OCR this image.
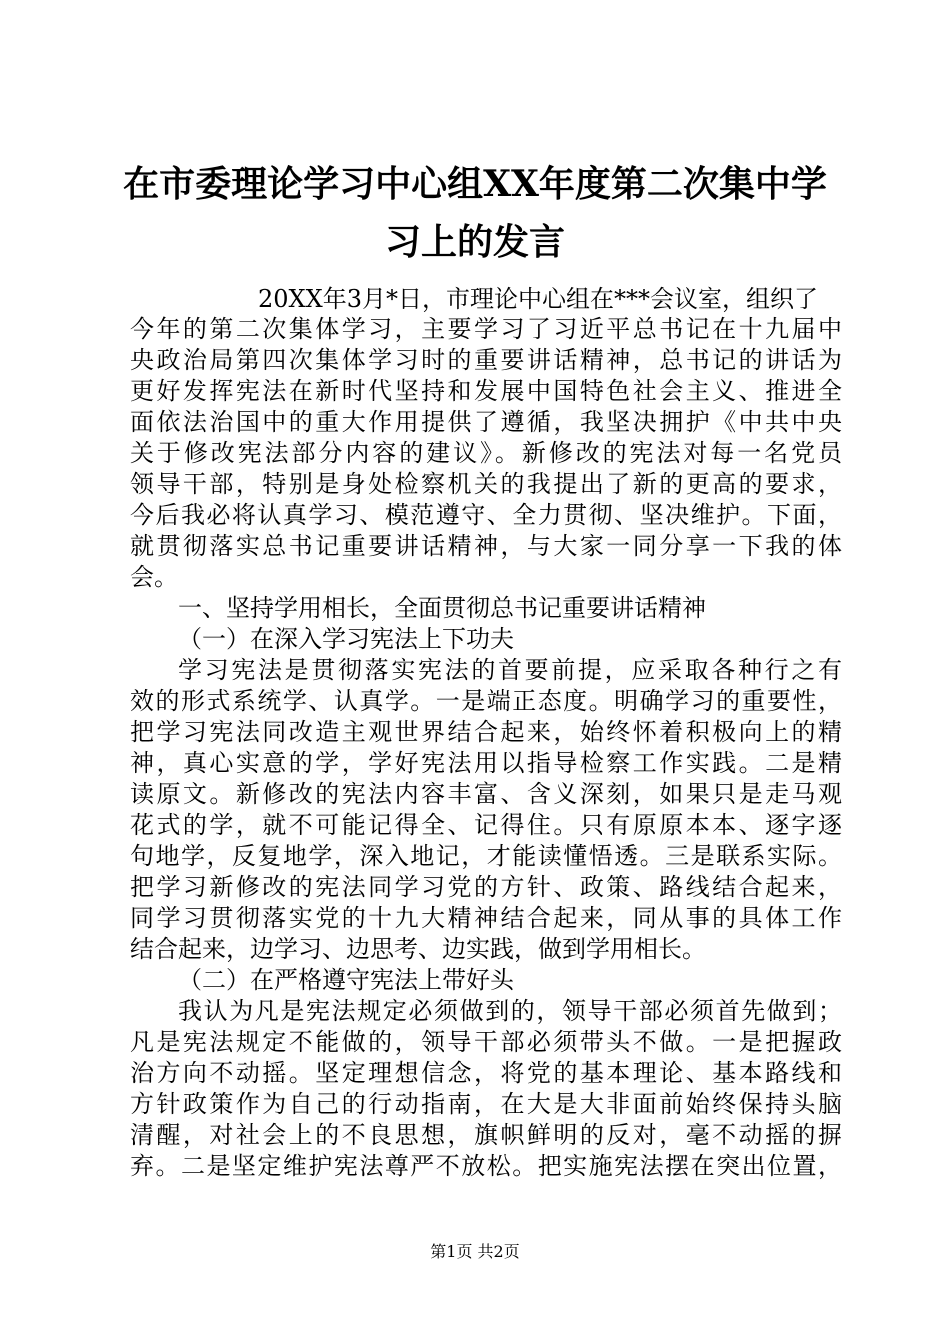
在市委理论学习中心组XX年度第二次集中学
习上的发言
20XX年3月*日，市理论中心组在***会议室，组织了
今年的第二次集体学习，主要学习了习近平总书记在十九届中
央政治局第四次集体学习时的重要讲话精神，总书记的讲话为
更好发挥宪法在新时代坚持和发展中国特色社会主义、推进全
面依法治国中的重大作用提供了遵循，我坚决拥护《中共中央
关于修改宪法部分内容的建议》。新修改的宪法对每一名党员
领导干部，特别是身处检察机关的我提出了新的更高的要求，
今后我必将认真学习、模范遵守、全力贯彻、坚决维护。下面，
就贯彻落实总书记重要讲话精神，与大家一同分享一下我的体
会。
一、坚持学用相长，全面贯彻总书记重要讲话精神
（一）在深入学习宪法上下功夫
学习宪法是贯彻落实宪法的首要前提，应采取各种行之有
效的形式系统学、认真学。一是端正态度。明确学习的重要性，
把学习宪法同改造主观世界结合起来，始终怀着积极向上的精
神，真心实意的学，学好宪法用以指导检察工作实践。二是精
读原文。新修改的宪法内容丰富、含义深刻，如果只是走马观
花式的学，就不可能记得全、记得住。只有原原本本、逐字逐
句地学，反复地学，深入地记，才能读懂悟透。三是联系实际。
把学习新修改的宪法同学习党的方针、政策、路线结合起来，
同学习贯彻落实党的十九大精神结合起来，同从事的具体工作
结合起来，边学习、边思考、边实践，做到学用相长。
（二）在严格遵守宪法上带好头
我认为凡是宪法规定必须做到的，领导干部必须首先做到；
凡是宪法规定不能做的，领导干部必须带头不做。一是把握政
治方向不动摇。坚定理想信念，将党的基本理论、基本路线和
方针政策作为自己的行动指南，在大是大非面前始终保持头脑
清醒，对社会上的不良思想，旗帜鲜明的反对，毫不动摇的摒
弃。二是坚定维护宪法尊严不放松。把实施宪法摆在突出位置，
第1页 共2页
